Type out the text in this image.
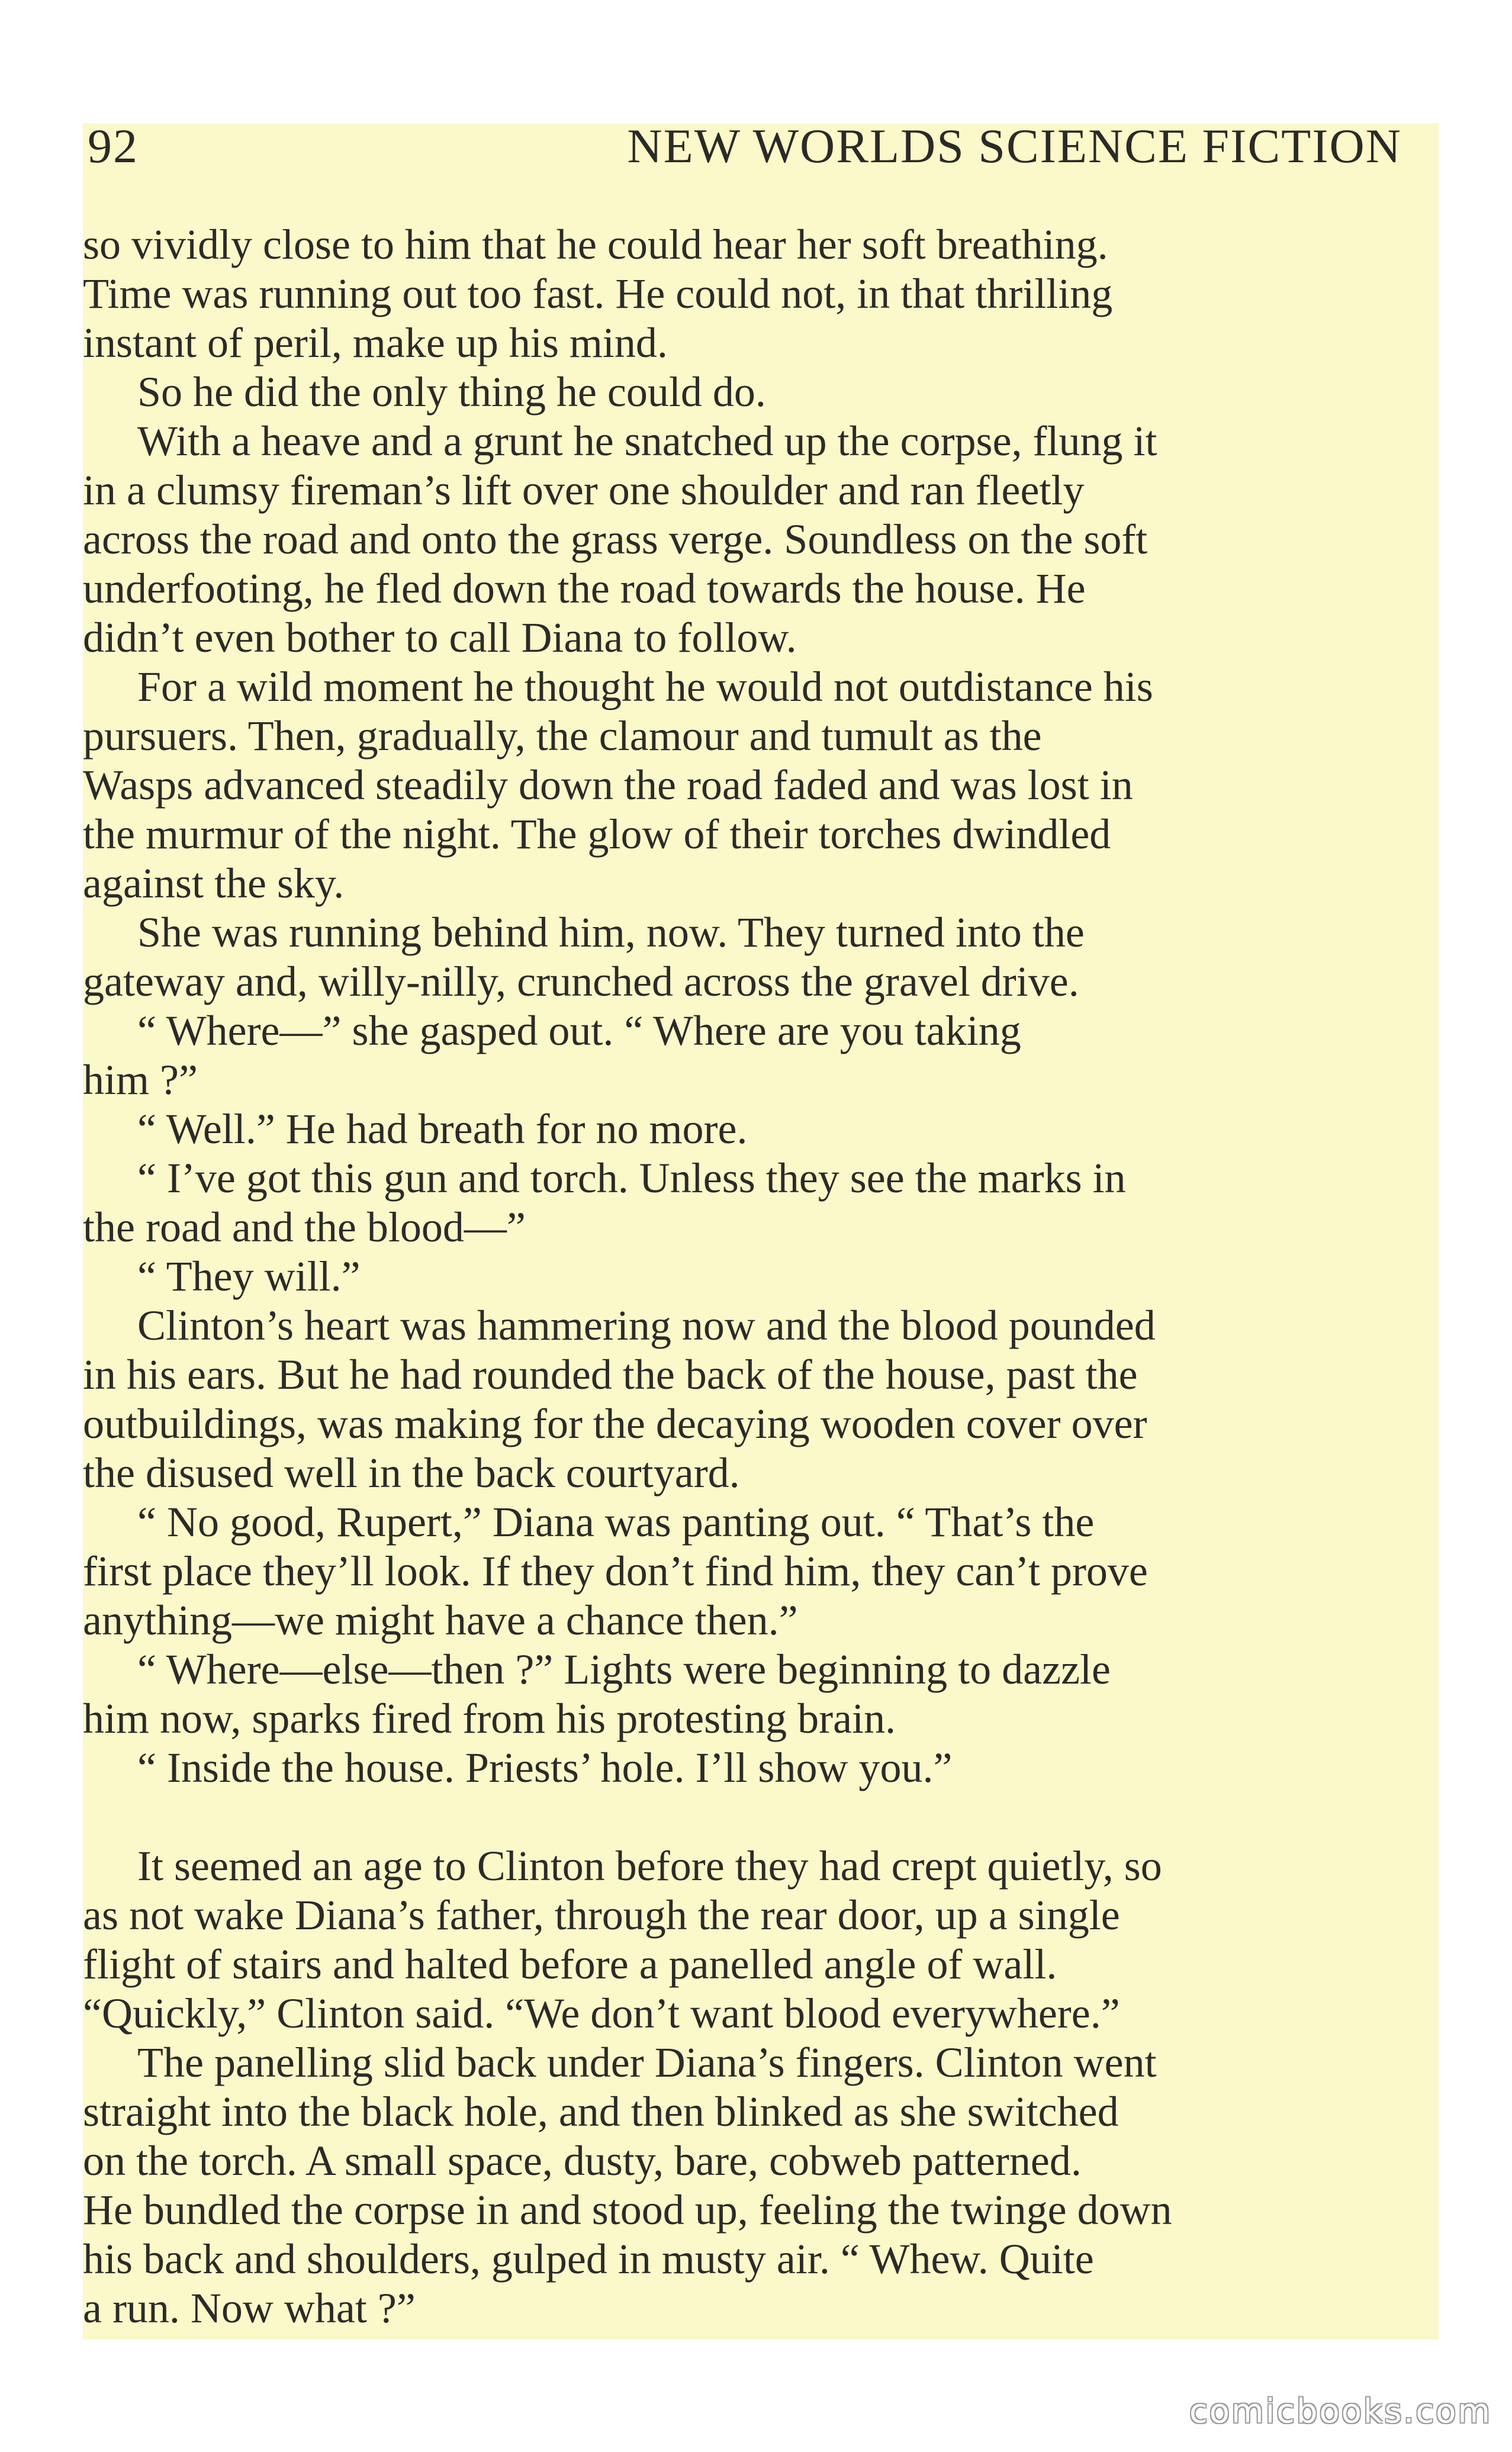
92	NEW WORLDS SCIENCE FICTION
so vividly close to him that he could hear her soft breathing.
Time was running out too fast. He could not, in that thrilling
instant of peril, make up his mind.
So he did the only thing he could do.
With a heave and a grunt he snatched up the corpse, flung it
in a clumsy fireman’s lift over one shoulder and ran fleetly
across the road and onto the grass verge. Soundless on the soft
underfooting, he fled down the road towards the house. He
didn’t even bother to call Diana to follow.
For a wild moment he thought he would not outdistance his
pursuers. Then, gradually, the clamour and tumult as the
Wasps advanced steadily down the road faded and was lost in
the murmur of the night. The glow of their torches dwindled
against the sky.
She was running behind him, now. They turned into the
gateway and, willy-nilly, crunched across the gravel drive.
“ Where—” she gasped out. “ Where are you taking
him ?”
“ Well.” He had breath for no more.
“ I’ve got this gun and torch. Unless they see the marks in
the road and the blood—”
“ They will.”
Clinton’s heart was hammering now and the blood pounded
in his ears. But he had rounded the back of the house, past the
outbuildings, was making for the decaying wooden cover over
the disused well in the back courtyard.
“ No good, Rupert,” Diana was panting out. “ That’s the
first place they’ll look. If they don’t find him, they can’t prove
anything—we might have a chance then.”
“ Where—else—then ?” Lights were beginning to dazzle
him now, sparks fired from his protesting brain.
“ Inside the house. Priests’ hole. I’ll show you.”
It seemed an age to Clinton before they had crept quietly, so
as not wake Diana’s father, through the rear door, up a single
flight of stairs and halted before a panelled angle of wall.
“Quickly,” Clinton said. “We don’t want blood everywhere.”
The panelling slid back under Diana’s fingers. Clinton went
straight into the black hole, and then blinked as she switched
on the torch. A small space, dusty, bare, cobweb patterned.
He bundled the corpse in and stood up, feeling the twinge down
his back and shoulders, gulped in musty air. “ Whew. Quite
a run. Now what ?”
comicbooks.com
